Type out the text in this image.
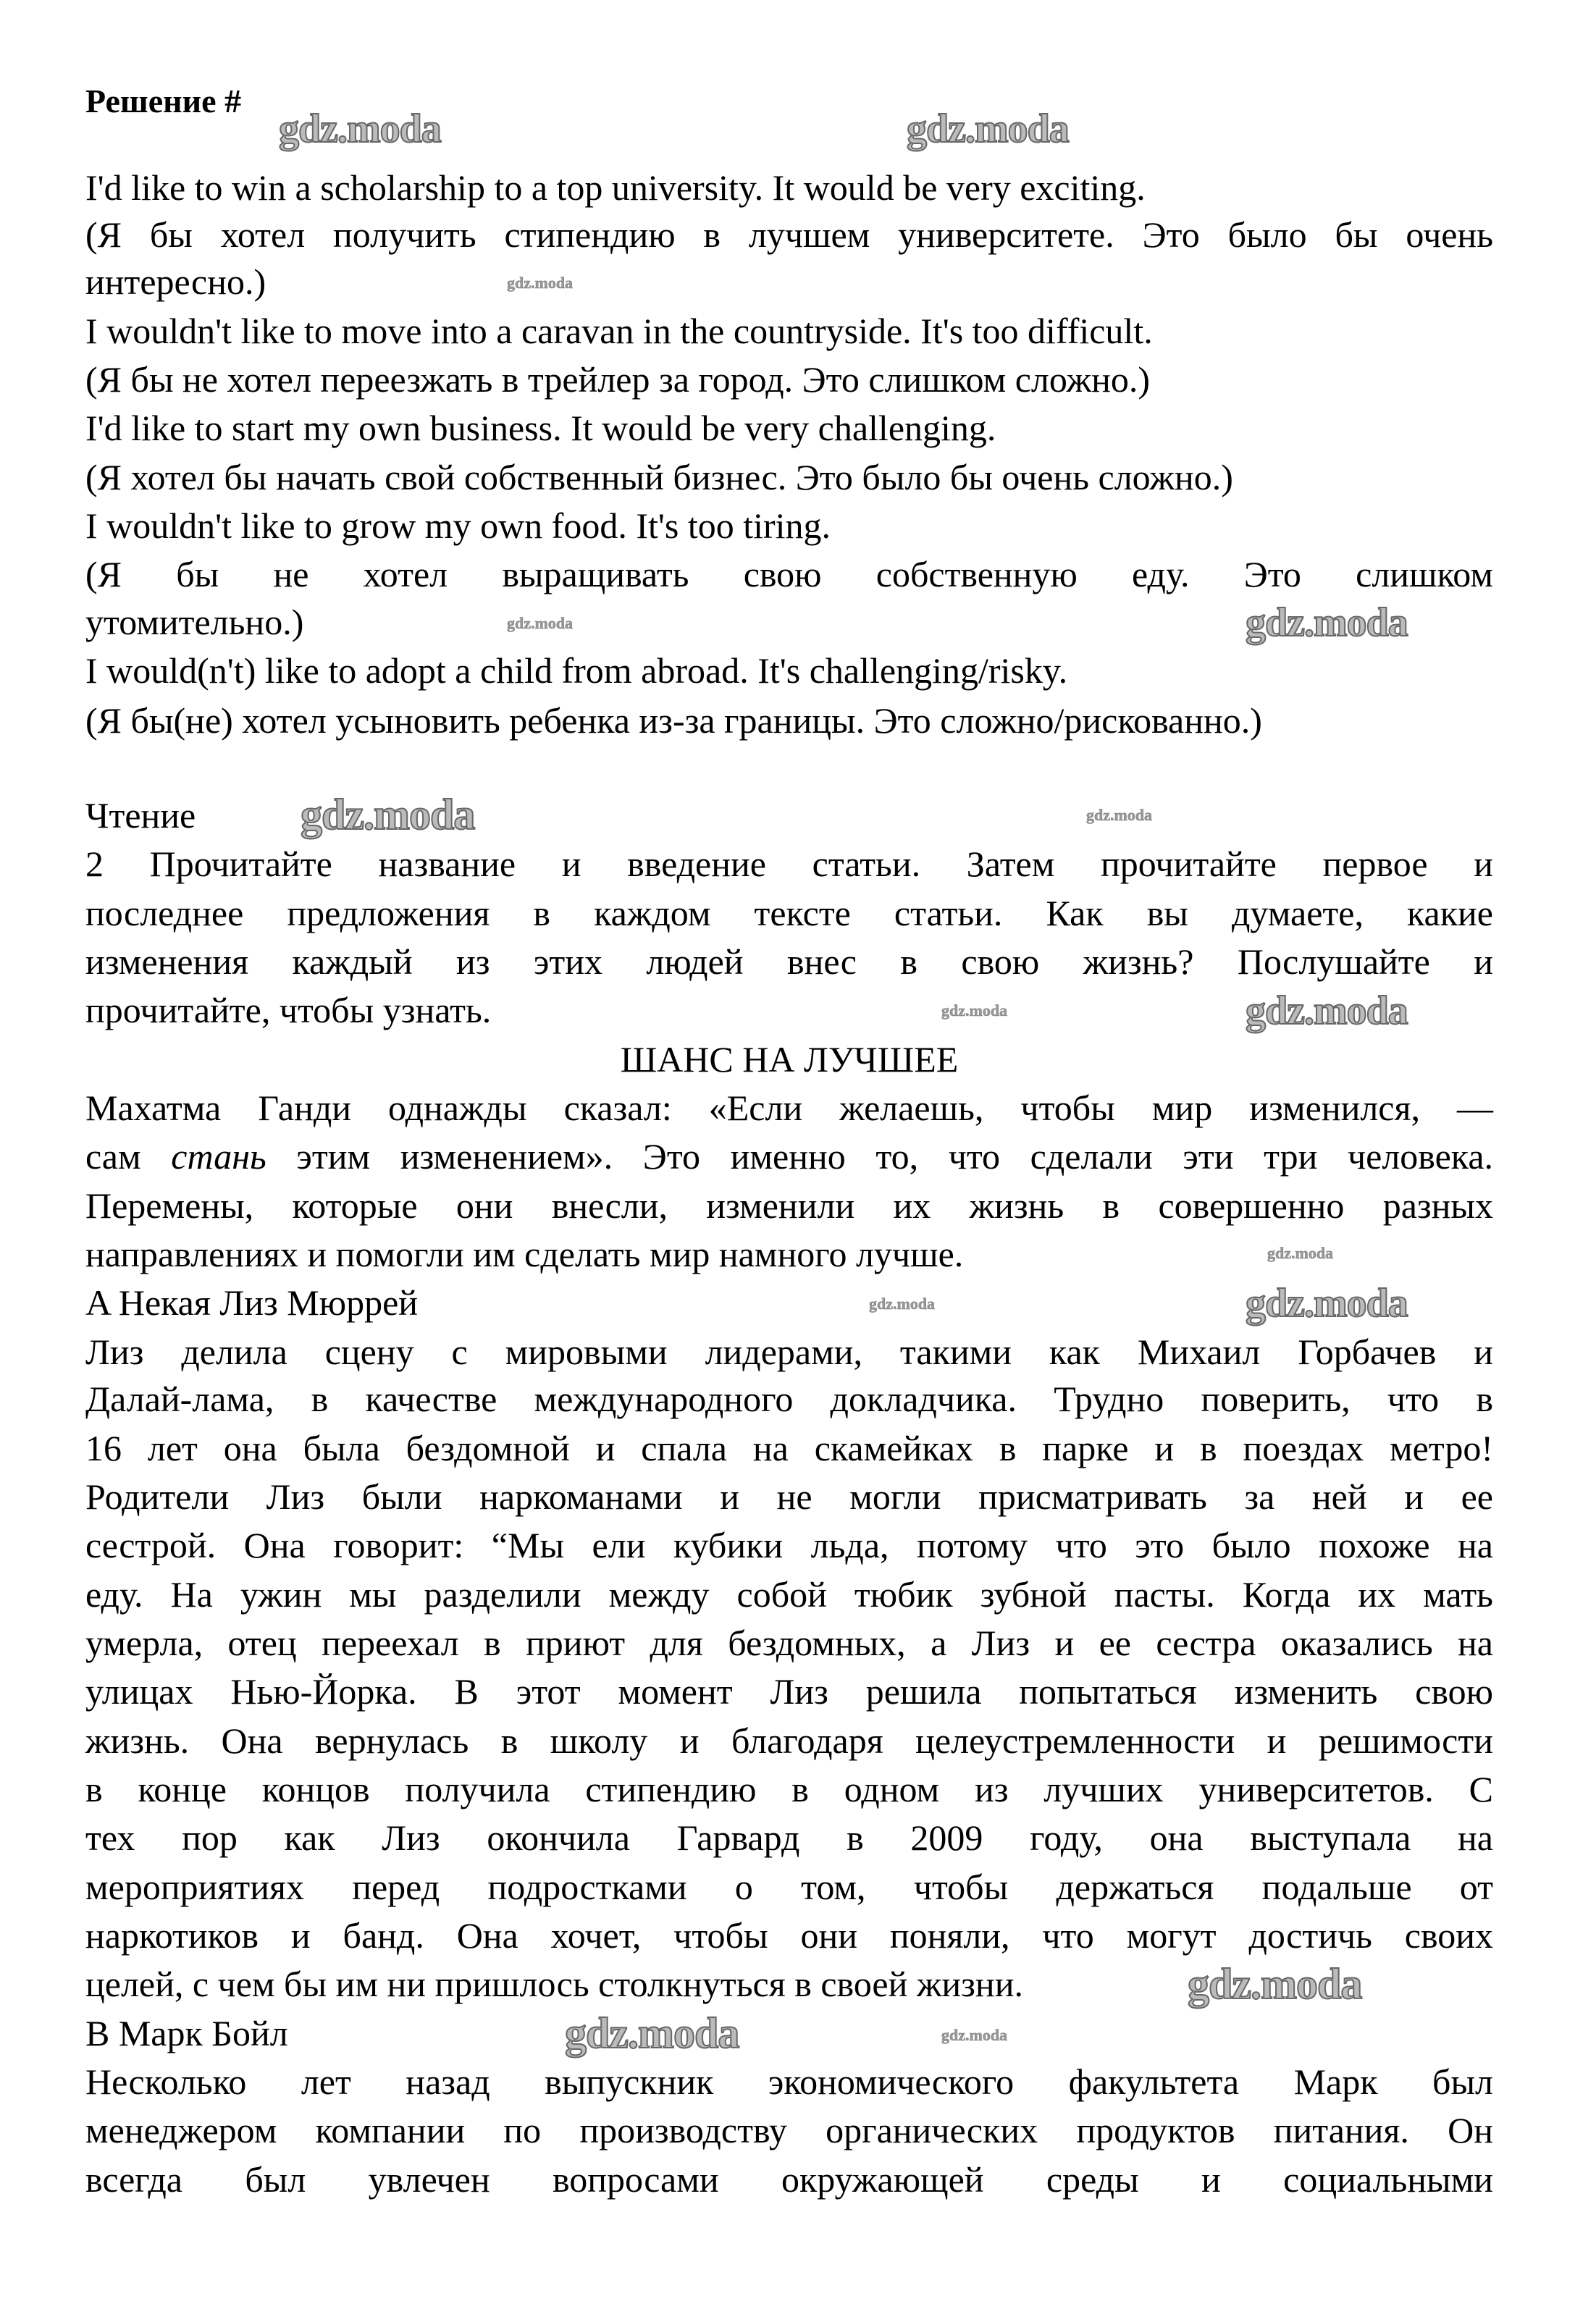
Решение #
I'd like to win a scholarship to a top university. It would be very exciting.
(Я бы хотел получить стипендию в лучшем университете. Это было бы очень
интересно.)
I wouldn't like to move into a caravan in the countryside. It's too difficult.
(Я бы не хотел переезжать в трейлер за город. Это слишком сложно.)
I'd like to start my own business. It would be very challenging.
(Я хотел бы начать свой собственный бизнес. Это было бы очень сложно.)
I wouldn't like to grow my own food. It's too tiring.
(Я бы не хотел выращивать свою собственную еду. Это слишком
утомительно.)
I would(n't) like to adopt a child from abroad. It's challenging/risky.
(Я бы(не) хотел усыновить ребенка из-за границы. Это сложно/рискованно.)
Чтение
2 Прочитайте название и введение статьи. Затем прочитайте первое и
последнее предложения в каждом тексте статьи. Как вы думаете, какие
изменения каждый из этих людей внес в свою жизнь? Послушайте и
прочитайте, чтобы узнать.
ШАНС НА ЛУЧШЕЕ
Махатма Ганди однажды сказал: «Если желаешь, чтобы мир изменился, —
сам стань этим изменением». Это именно то, что сделали эти три человека.
Перемены, которые они внесли, изменили их жизнь в совершенно разных
направлениях и помогли им сделать мир намного лучше.
A Некая Лиз Мюррей
Лиз делила сцену с мировыми лидерами, такими как Михаил Горбачев и
Далай-лама, в качестве международного докладчика. Трудно поверить, что в
16 лет она была бездомной и спала на скамейках в парке и в поездах метро!
Родители Лиз были наркоманами и не могли присматривать за ней и ее
сестрой. Она говорит: “Мы ели кубики льда, потому что это было похоже на
еду. На ужин мы разделили между собой тюбик зубной пасты. Когда их мать
умерла, отец переехал в приют для бездомных, а Лиз и ее сестра оказались на
улицах Нью-Йорка. В этот момент Лиз решила попытаться изменить свою
жизнь. Она вернулась в школу и благодаря целеустремленности и решимости
в конце концов получила стипендию в одном из лучших университетов. С
тех пор как Лиз окончила Гарвард в 2009 году, она выступала на
мероприятиях перед подростками о том, чтобы держаться подальше от
наркотиков и банд. Она хочет, чтобы они поняли, что могут достичь своих
целей, с чем бы им ни пришлось столкнуться в своей жизни.
B Марк Бойл
Несколько лет назад выпускник экономического факультета Марк был
менеджером компании по производству органических продуктов питания. Он
всегда был увлечен вопросами окружающей среды и социальными
gdz.moda	gdz.moda
gdz.moda
gdz.moda
gdz.moda
gdz.moda
gdz.moda
gdz.moda
gdz.moda
gdz.moda
gdz.moda
gdz.moda
gdz.moda
gdz.moda
gdz.moda
